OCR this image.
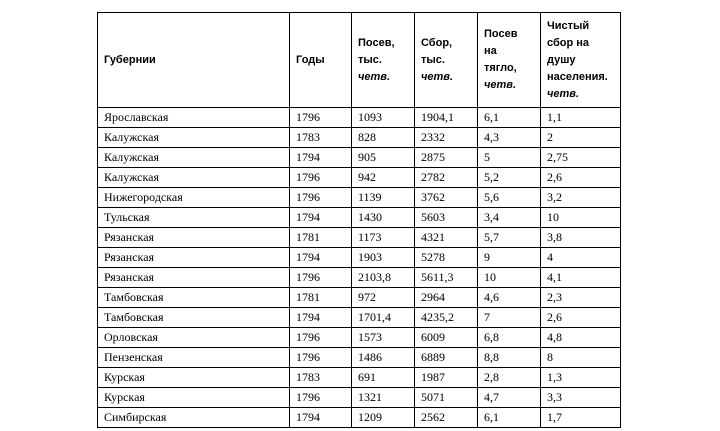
Губернии	Годы	Посев,
тыс.
четв.	Сбор,
тыс.
четв.	Посев
на
тягло,
четв.	Чистый
сбор на
душу
населения.
четв.

Ярославская	1796	1093	1904,1	6,1	1,1
Калужская	1783	828	2332	4,3	2
Калужская	1794	905	2875	5	2,75
Калужская	1796	942	2782	5,2	2,6
Нижегородская	1796	1139	3762	5,6	3,2
Тульская	1794	1430	5603	3,4	10
Рязанская	1781	1173	4321	5,7	3,8
Рязанская	1794	1903	5278	9	4
Рязанская	1796	2103,8	5611,3	10	4,1
Тамбовская	1781	972	2964	4,6	2,3
Тамбовская	1794	1701,4	4235,2	7	2,6
Орловская	1796	1573	6009	6,8	4,8
Пензенская	1796	1486	6889	8,8	8
Курская	1783	691	1987	2,8	1,3
Курская	1796	1321	5071	4,7	3,3
Симбирская	1794	1209	2562	6,1	1,7
